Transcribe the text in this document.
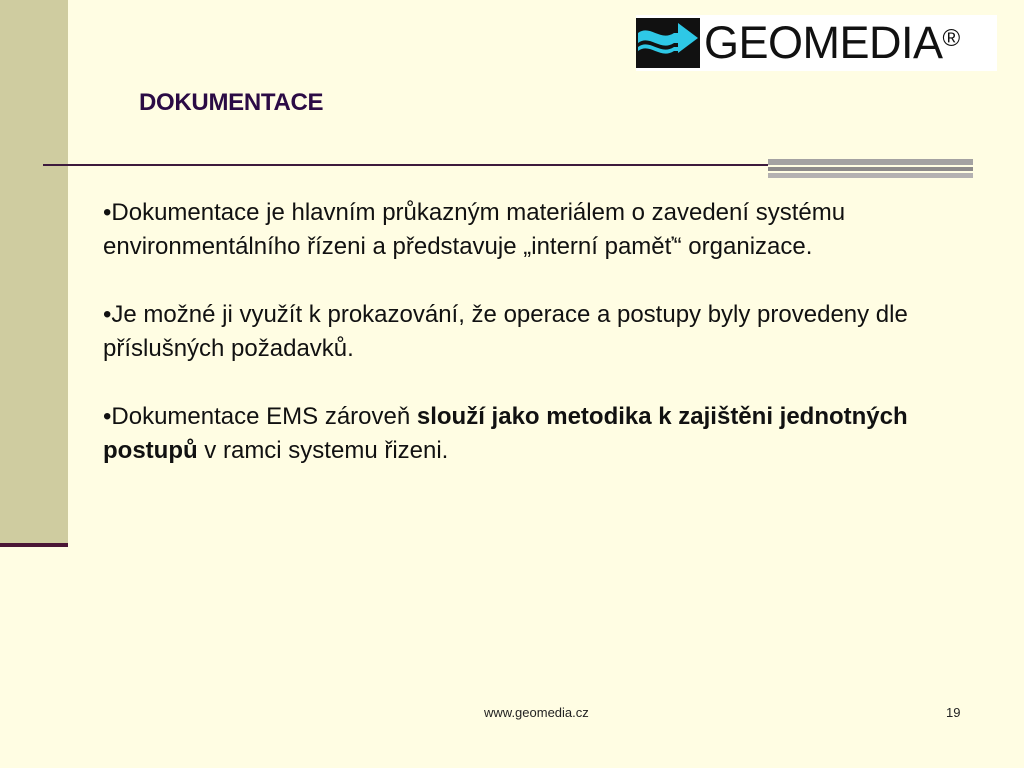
GEOMEDIA®
DOKUMENTACE

•Dokumentace je hlavním průkazným materiálem o zavedení systému environmentálního řízeni a představuje „interní paměť“ organizace.

•Je možné ji využít k prokazování, že operace a postupy byly provedeny dle příslušných požadavků.

•Dokumentace EMS zároveň slouží jako metodika k zajištěni jednotných postupů v ramci systemu řizeni.

www.geomedia.cz	19
